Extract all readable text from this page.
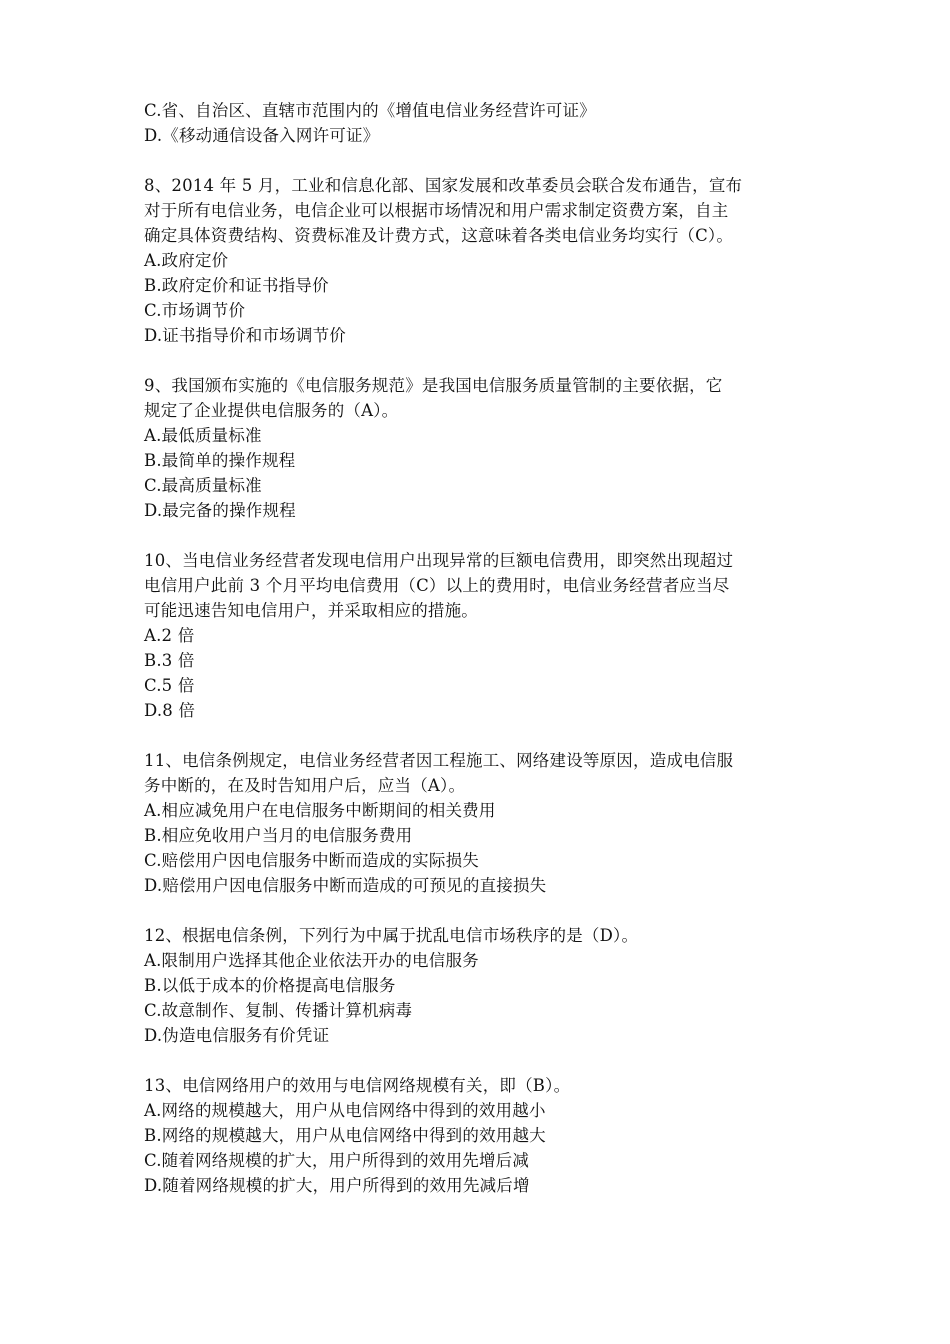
C.省、自治区、直辖市范围内的《增值电信业务经营许可证》
D.《移动通信设备入网许可证》
8、2014 年 5 月，工业和信息化部、国家发展和改革委员会联合发布通告，宣布
对于所有电信业务，电信企业可以根据市场情况和用户需求制定资费方案，自主
确定具体资费结构、资费标准及计费方式，这意味着各类电信业务均实行（C）。
A.政府定价
B.政府定价和证书指导价
C.市场调节价
D.证书指导价和市场调节价
9、我国颁布实施的《电信服务规范》是我国电信服务质量管制的主要依据，它
规定了企业提供电信服务的（A）。
A.最低质量标准
B.最简单的操作规程
C.最高质量标准
D.最完备的操作规程
10、当电信业务经营者发现电信用户出现异常的巨额电信费用，即突然出现超过
电信用户此前 3 个月平均电信费用（C）以上的费用时，电信业务经营者应当尽
可能迅速告知电信用户，并采取相应的措施。
A.2 倍
B.3 倍
C.5 倍
D.8 倍
11、电信条例规定，电信业务经营者因工程施工、网络建设等原因，造成电信服
务中断的，在及时告知用户后，应当（A）。
A.相应减免用户在电信服务中断期间的相关费用
B.相应免收用户当月的电信服务费用
C.赔偿用户因电信服务中断而造成的实际损失
D.赔偿用户因电信服务中断而造成的可预见的直接损失
12、根据电信条例，下列行为中属于扰乱电信市场秩序的是（D）。
A.限制用户选择其他企业依法开办的电信服务
B.以低于成本的价格提高电信服务
C.故意制作、复制、传播计算机病毒
D.伪造电信服务有价凭证
13、电信网络用户的效用与电信网络规模有关，即（B）。
A.网络的规模越大，用户从电信网络中得到的效用越小
B.网络的规模越大，用户从电信网络中得到的效用越大
C.随着网络规模的扩大，用户所得到的效用先增后减
D.随着网络规模的扩大，用户所得到的效用先减后增
